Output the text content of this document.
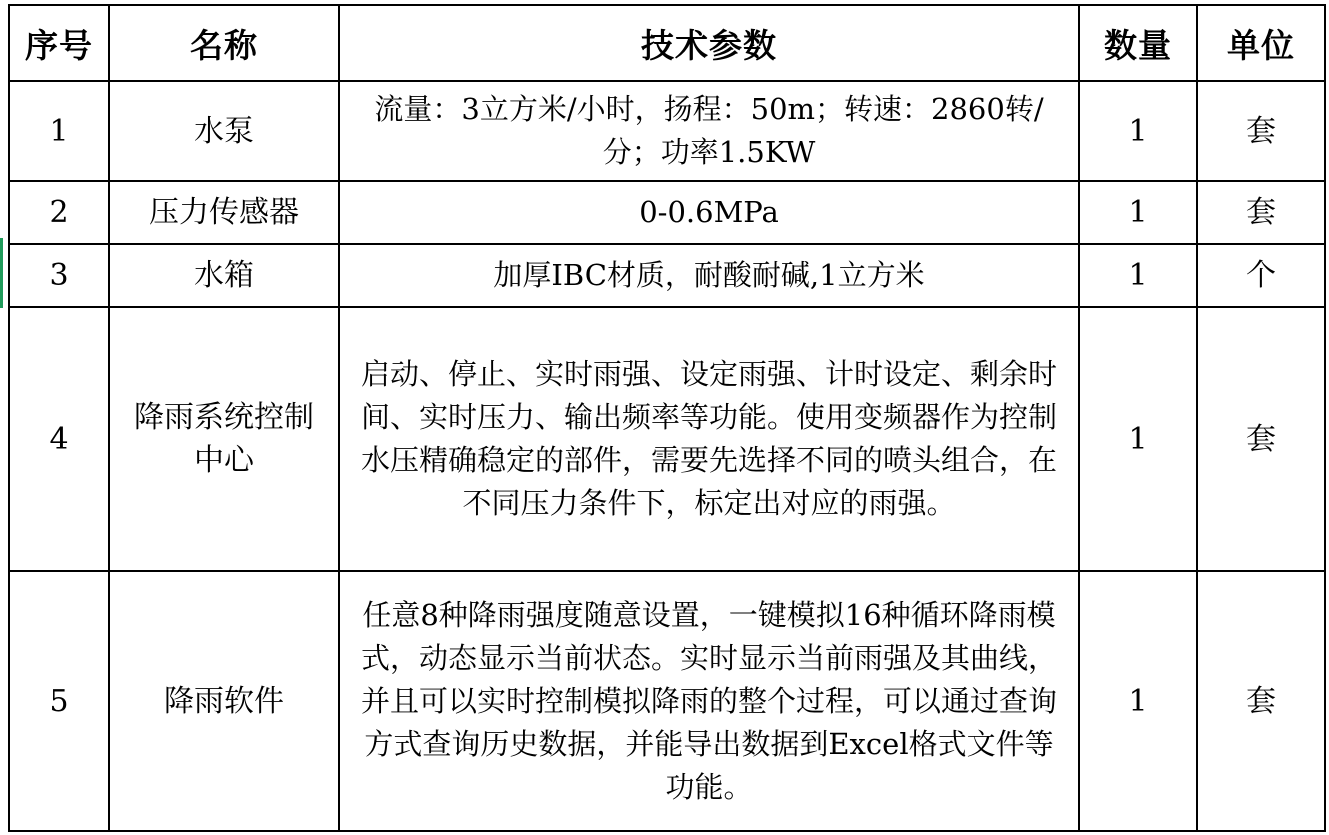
序号	名称	技术参数	数量	单位
1	水泵	流量：3立方米/小时，扬程：50m；转速：2860转/分；功率1.5KW	1	套
2	压力传感器	0-0.6MPa	1	套
3	水箱	加厚IBC材质，耐酸耐碱,1立方米	1	个
4	降雨系统控制中心	启动、停止、实时雨强、设定雨强、计时设定、剩余时间、实时压力、输出频率等功能。使用变频器作为控制水压精确稳定的部件，需要先选择不同的喷头组合，在不同压力条件下，标定出对应的雨强。	1	套
5	降雨软件	任意8种降雨强度随意设置，一键模拟16种循环降雨模式，动态显示当前状态。实时显示当前雨强及其曲线，并且可以实时控制模拟降雨的整个过程，可以通过查询方式查询历史数据，并能导出数据到Excel格式文件等功能。	1	套
